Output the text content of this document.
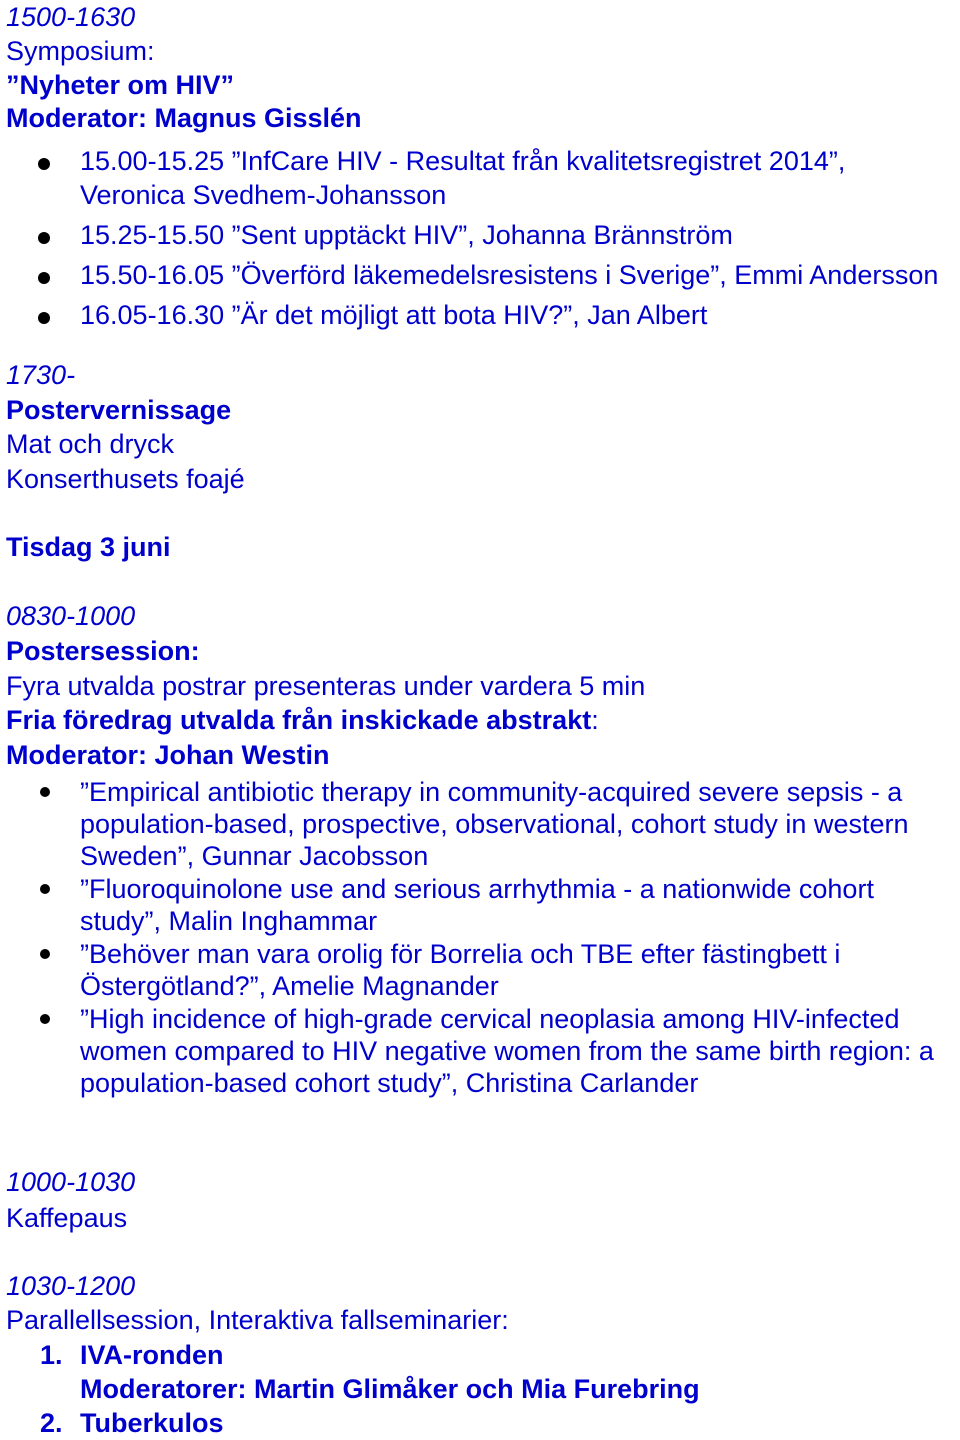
1500-1630
Symposium:
”Nyheter om HIV”
Moderator: Magnus Gisslén
15.00-15.25 ”InfCare HIV - Resultat från kvalitetsregistret 2014”,
Veronica Svedhem-Johansson
15.25-15.50 ”Sent upptäckt HIV”, Johanna Brännström
15.50-16.05 ”Överförd läkemedelsresistens i Sverige”, Emmi Andersson
16.05-16.30 ”Är det möjligt att bota HIV?”, Jan Albert
1730-
Postervernissage
Mat och dryck
Konserthusets foajé
Tisdag 3 juni
0830-1000
Postersession:
Fyra utvalda postrar presenteras under vardera 5 min
Fria föredrag utvalda från inskickade abstrakt:
Moderator: Johan Westin
”Empirical antibiotic therapy in community-acquired severe sepsis - a
population-based, prospective, observational, cohort study in western
Sweden”, Gunnar Jacobsson
”Fluoroquinolone use and serious arrhythmia - a nationwide cohort
study”, Malin Inghammar
”Behöver man vara orolig för Borrelia och TBE efter fästingbett i
Östergötland?”, Amelie Magnander
”High incidence of high-grade cervical neoplasia among HIV-infected
women compared to HIV negative women from the same birth region: a
population-based cohort study”, Christina Carlander
1000-1030
Kaffepaus
1030-1200
Parallellsession, Interaktiva fallseminarier:
1. IVA-ronden
Moderatorer: Martin Glimåker och Mia Furebring
2. Tuberkulos
